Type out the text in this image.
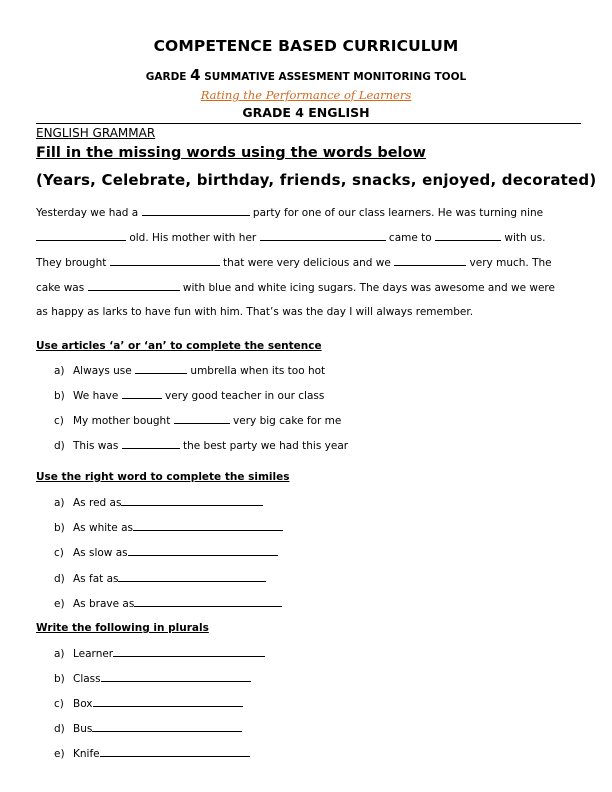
COMPETENCE BASED CURRICULUM
GARDE 4 SUMMATIVE ASSESMENT MONITORING TOOL
Rating the Performance of Learners
GRADE 4 ENGLISH
ENGLISH GRAMMAR
Fill in the missing words using the words below
(Years, Celebrate, birthday, friends, snacks, enjoyed, decorated)
Yesterday we had a	party for one of our class learners. He was turning nine
old. His mother with her	came to	with us.
They brought	that were very delicious and we	very much. The
cake was	with blue and white icing sugars. The days was awesome and we were
as happy as larks to have fun with him. That’s was the day I will always remember.
Use articles ‘a’ or ‘an’ to complete the sentence
a) Always use	umbrella when its too hot
b) We have	very good teacher in our class
c) My mother bought	very big cake for me
d) This was	the best party we had this year
Use the right word to complete the similes
a) As red as
b) As white as
c) As slow as
d) As fat as
e) As brave as
Write the following in plurals
a) Learner
b) Class
c) Box
d) Bus
e) Knife
